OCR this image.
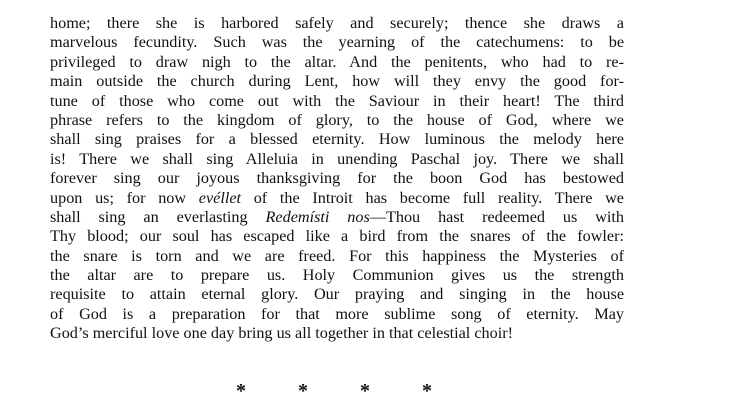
home; there she is harbored safely and securely; thence she draws a
marvelous fecundity. Such was the yearning of the catechumens: to be
privileged to draw nigh to the altar. And the penitents, who had to re-
main outside the church during Lent, how will they envy the good for-
tune of those who come out with the Saviour in their heart! The third
phrase refers to the kingdom of glory, to the house of God, where we
shall sing praises for a blessed eternity. How luminous the melody here
is! There we shall sing Alleluia in unending Paschal joy. There we shall
forever sing our joyous thanksgiving for the boon God has bestowed
upon us; for now evéllet of the Introit has become full reality. There we
shall sing an everlasting Redemísti nos—Thou hast redeemed us with
Thy blood; our soul has escaped like a bird from the snares of the fowler:
the snare is torn and we are freed. For this happiness the Mysteries of
the altar are to prepare us. Holy Communion gives us the strength
requisite to attain eternal glory. Our praying and singing in the house
of God is a preparation for that more sublime song of eternity. May
God’s merciful love one day bring us all together in that celestial choir!
*	*	*	*
